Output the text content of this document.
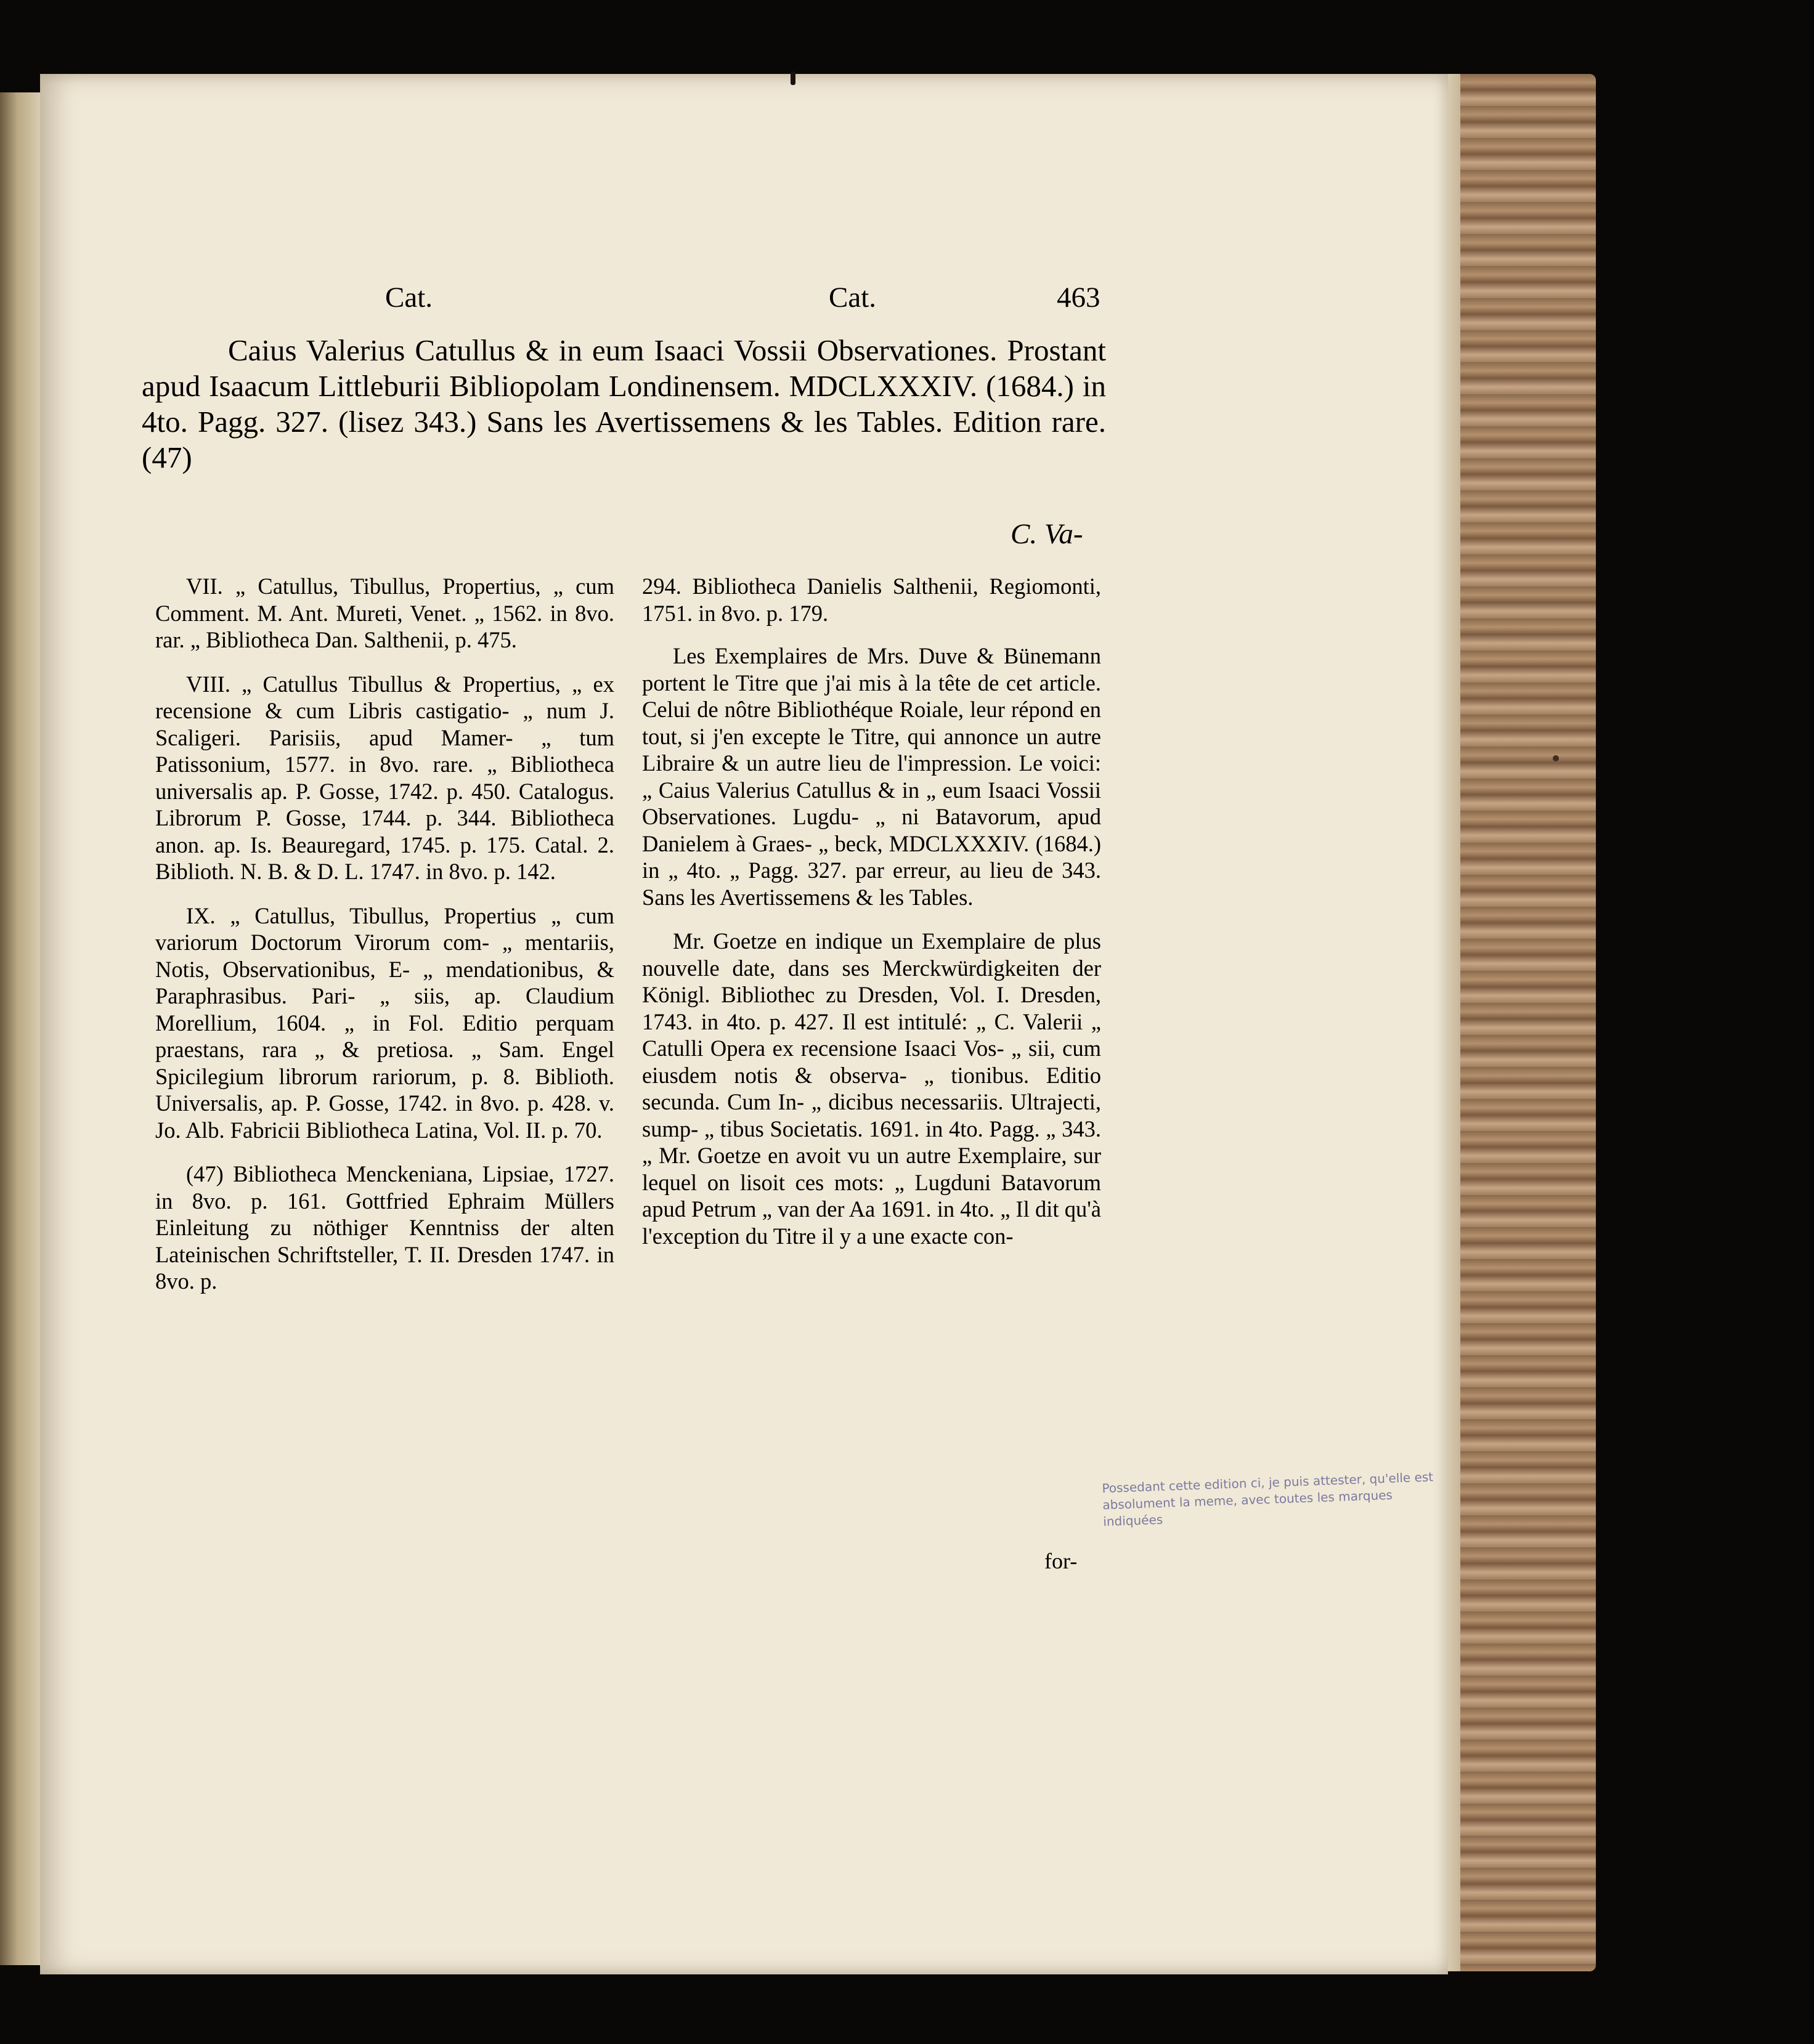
Cat.	Cat.	463
Caius Valerius Catullus & in eum Isaaci Vossii Observationes. Prostant apud Isaacum Littleburii Bibliopolam Londinensem. MDCLXXXIV. (1684.) in 4to. Pagg. 327. (lisez 343.) Sans les Avertissemens & les Tables. Edition rare. (47)
C. Va-

VII. „ Catullus, Tibullus, Propertius, „ cum Comment. M. Ant. Mureti, Venet. „ 1562. in 8vo. rar. „ Bibliotheca Dan. Salthenii, p. 475.

VIII. „ Catullus Tibullus & Propertius, „ ex recensione & cum Libris castigatio- „ num J. Scaligeri. Parisiis, apud Mamer- „ tum Patissonium, 1577. in 8vo. rare. „ Bibliotheca universalis ap. P. Gosse, 1742. p. 450. Catalogus. Librorum P. Gosse, 1744. p. 344. Bibliotheca anon. ap. Is. Beauregard, 1745. p. 175. Catal. 2. Biblioth. N. B. & D. L. 1747. in 8vo. p. 142.

IX. „ Catullus, Tibullus, Propertius „ cum variorum Doctorum Virorum com- „ mentariis, Notis, Observationibus, E- „ mendationibus, & Paraphrasibus. Pari- „ siis, ap. Claudium Morellium, 1604. „ in Fol. Editio perquam praestans, rara „ & pretiosa. „ Sam. Engel Spicilegium librorum rariorum, p. 8. Biblioth. Universalis, ap. P. Gosse, 1742. in 8vo. p. 428. v. Jo. Alb. Fabricii Bibliotheca Latina, Vol. II. p. 70.

(47) Bibliotheca Menckeniana, Lipsiae, 1727. in 8vo. p. 161. Gottfried Ephraim Müllers Einleitung zu nöthiger Kenntniss der alten Lateinischen Schriftsteller, T. II. Dresden 1747. in 8vo. p.

294. Bibliotheca Danielis Salthenii, Regiomonti, 1751. in 8vo. p. 179.

Les Exemplaires de Mrs. Duve & Bünemann portent le Titre que j'ai mis à la tête de cet article. Celui de nôtre Bibliothéque Roiale, leur répond en tout, si j'en excepte le Titre, qui annonce un autre Libraire & un autre lieu de l'impression. Le voici: „ Caius Valerius Catullus & in „ eum Isaaci Vossii Observationes. Lugdu- „ ni Batavorum, apud Danielem à Graes- „ beck, MDCLXXXIV. (1684.) in „ 4to. „ Pagg. 327. par erreur, au lieu de 343. Sans les Avertissemens & les Tables.

Mr. Goetze en indique un Exemplaire de plus nouvelle date, dans ses Merckwürdigkeiten der Königl. Bibliothec zu Dresden, Vol. I. Dresden, 1743. in 4to. p. 427. Il est intitulé: „ C. Valerii „ Catulli Opera ex recensione Isaaci Vos- „ sii, cum eiusdem notis & observa- „ tionibus. Editio secunda. Cum In- „ dicibus necessariis. Ultrajecti, sump- „ tibus Societatis. 1691. in 4to. Pagg. „ 343. „ Mr. Goetze en avoit vu un autre Exemplaire, sur lequel on lisoit ces mots: „ Lugduni Batavorum apud Petrum „ van der Aa 1691. in 4to. „ Il dit qu'à l'exception du Titre il y a une exacte con-

for-
Possedant cette edition ci, je puis attester, qu'elle est absolument la meme, avec toutes les marques indiquées
